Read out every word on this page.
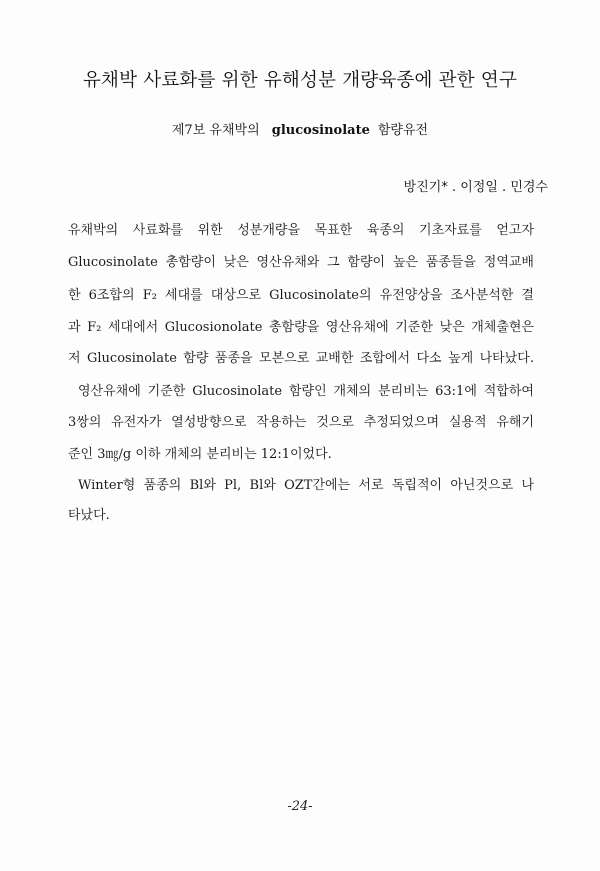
유채박 사료화를 위한 유해성분 개량육종에 관한 연구
제7보 유채박의 glucosinolate 함량유전
방진기* . 이정일 . 민경수
유채박의 사료화를 위한 성분개량을 목표한 육종의 기초자료를 얻고자
Glucosinolate 총함량이 낮은 영산유채와 그 함량이 높은 품종들을 정역교배
한 6조합의 F₂ 세대를 대상으로 Glucosinolate의 유전양상을 조사분석한 결
과 F₂ 세대에서 Glucosionolate 총함량을 영산유채에 기준한 낮은 개체출현은
저 Glucosinolate 함량 품종을 모본으로 교배한 조합에서 다소 높게 나타났다.
영산유채에 기준한 Glucosinolate 함량인 개체의 분리비는 63:1에 적합하여
3쌍의 유전자가 열성방향으로 작용하는 것으로 추정되었으며 실용적 유해기
준인 3㎎/g 이하 개체의 분리비는 12:1이었다.
Winter형 품종의 Bl와 Pl, Bl와 OZT간에는 서로 독립적이 아닌것으로 나
타났다.
-24-
